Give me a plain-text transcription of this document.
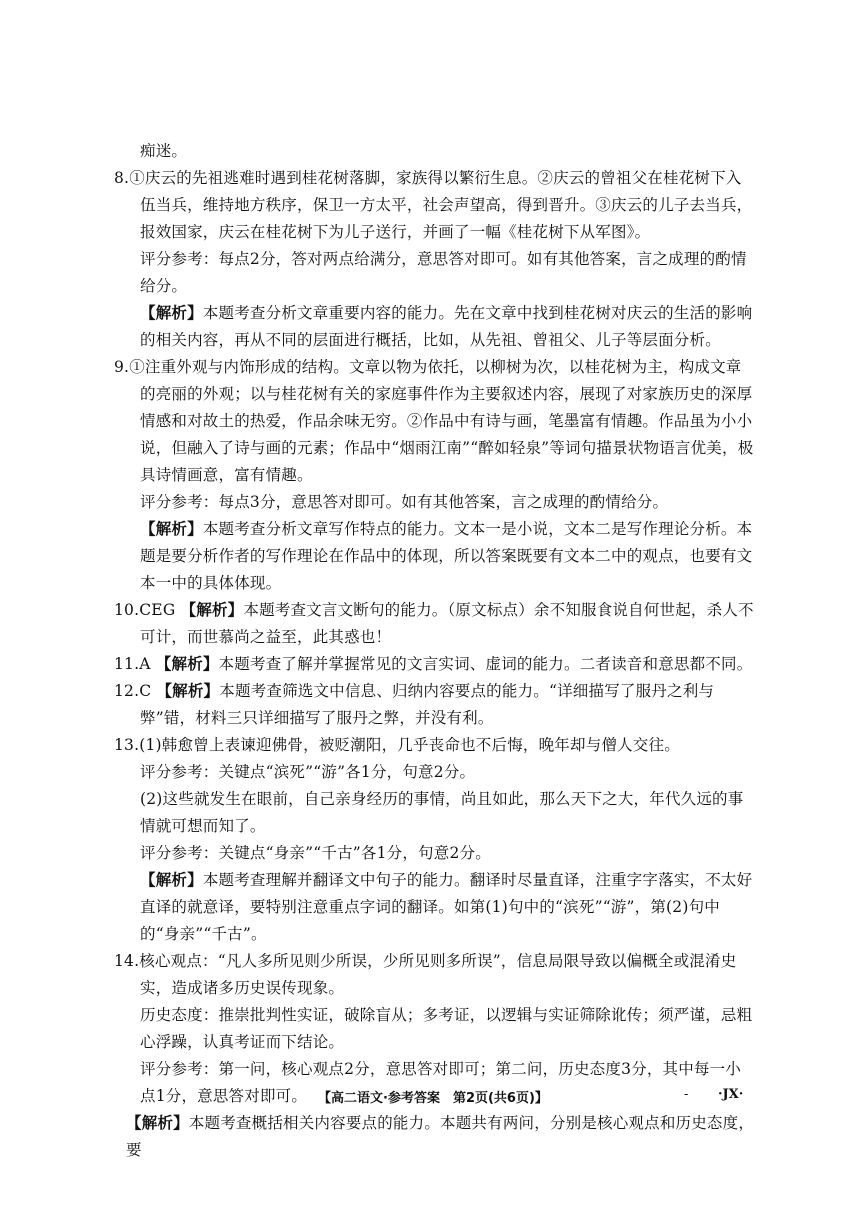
痴迷。

8.①庆云的先祖逃难时遇到桂花树落脚，家族得以繁衍生息。②庆云的曾祖父在桂花树下入伍当兵，维持地方秩序，保卫一方太平，社会声望高，得到晋升。③庆云的儿子去当兵，报效国家，庆云在桂花树下为儿子送行，并画了一幅《桂花树下从军图》。

评分参考：每点2分，答对两点给满分，意思答对即可。如有其他答案，言之成理的酌情给分。

【解析】本题考查分析文章重要内容的能力。先在文章中找到桂花树对庆云的生活的影响的相关内容，再从不同的层面进行概括，比如，从先祖、曾祖父、儿子等层面分析。

9.①注重外观与内饰形成的结构。文章以物为依托，以柳树为次，以桂花树为主，构成文章的亮丽的外观；以与桂花树有关的家庭事件作为主要叙述内容，展现了对家族历史的深厚情感和对故土的热爱，作品余味无穷。②作品中有诗与画，笔墨富有情趣。作品虽为小小说，但融入了诗与画的元素；作品中“烟雨江南”“醉如轻泉”等词句描景状物语言优美，极具诗情画意，富有情趣。

评分参考：每点3分，意思答对即可。如有其他答案，言之成理的酌情给分。

【解析】本题考查分析文章写作特点的能力。文本一是小说，文本二是写作理论分析。本题是要分析作者的写作理论在作品中的体现，所以答案既要有文本二中的观点，也要有文本一中的具体体现。

10.CEG 【解析】本题考查文言文断句的能力。（原文标点）余不知服食说自何世起，杀人不可计，而世慕尚之益至，此其惑也！

11.A 【解析】本题考查了解并掌握常见的文言实词、虚词的能力。二者读音和意思都不同。

12.C 【解析】本题考查筛选文中信息、归纳内容要点的能力。“详细描写了服丹之利与弊”错，材料三只详细描写了服丹之弊，并没有利。

13.(1)韩愈曾上表谏迎佛骨，被贬潮阳，几乎丧命也不后悔，晚年却与僧人交往。

评分参考：关键点“滨死”“游”各1分，句意2分。

(2)这些就发生在眼前，自己亲身经历的事情，尚且如此，那么天下之大，年代久远的事情就可想而知了。

评分参考：关键点“身亲”“千古”各1分，句意2分。

【解析】本题考查理解并翻译文中句子的能力。翻译时尽量直译，注重字字落实，不太好直译的就意译，要特别注意重点字词的翻译。如第(1)句中的“滨死”“游”，第(2)句中的“身亲”“千古”。

14.核心观点：“凡人多所见则少所误，少所见则多所误”，信息局限导致以偏概全或混淆史实，造成诸多历史误传现象。

历史态度：推崇批判性实证，破除盲从；多考证，以逻辑与实证筛除讹传；须严谨，忌粗心浮躁，认真考证而下结论。

评分参考：第一问，核心观点2分，意思答对即可；第二问，历史态度3分，其中每一小点1分，意思答对即可。

【解析】本题考查概括相关内容要点的能力。本题共有两问，分别是核心观点和历史态度，要

【高二语文·参考答案　第2页(共6页)】	- ·JX·
